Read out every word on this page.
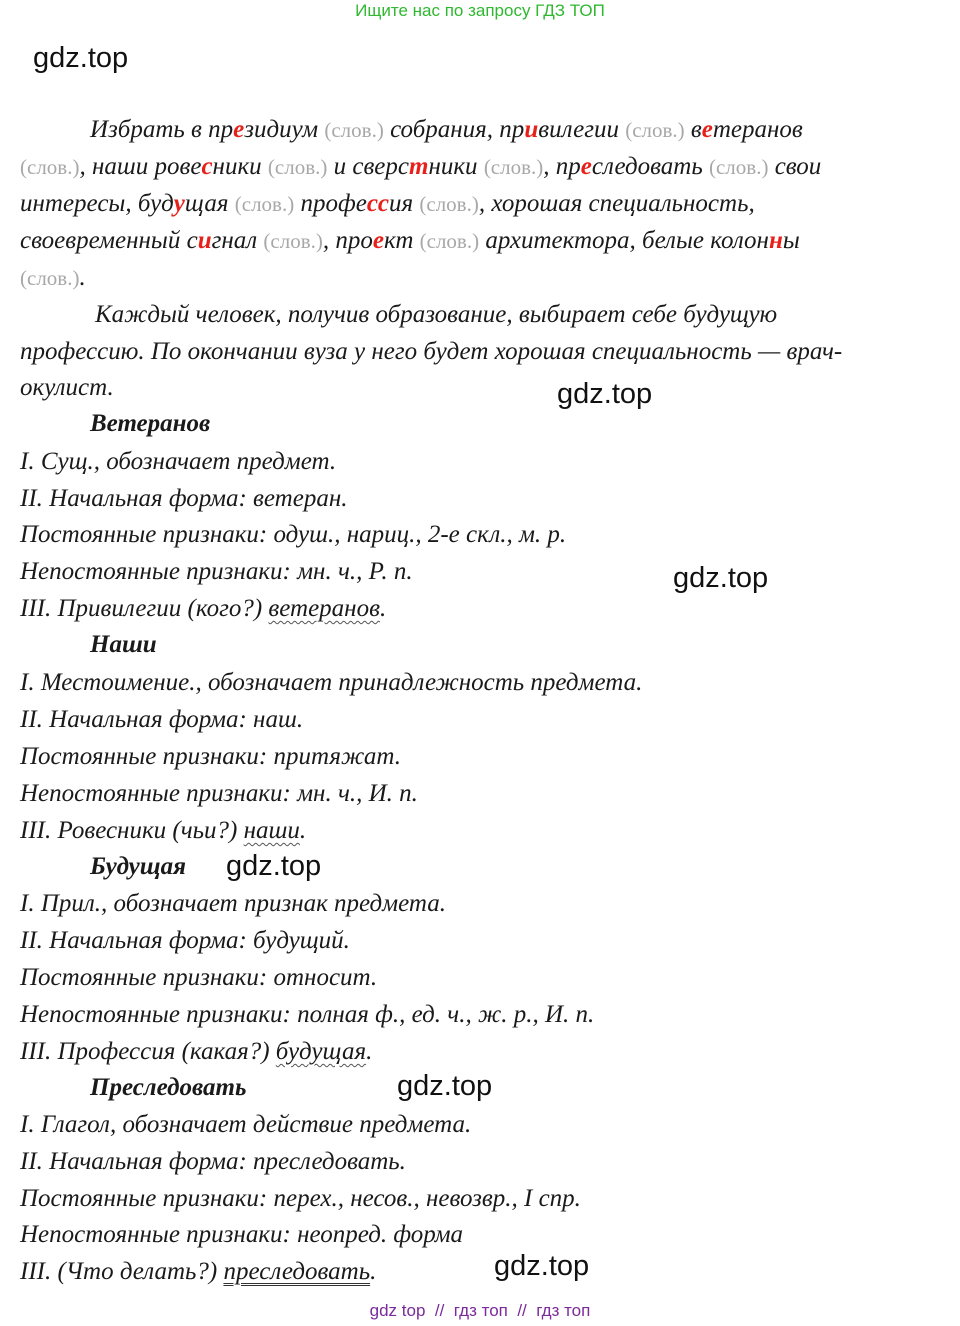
Ищите нас по запросу ГДЗ ТОП
gdz.top
gdz.top
gdz.top
gdz.top
gdz.top
gdz.top
Избрать в президиум (слов.) собрания, привилегии (слов.) ветеранов
(слов.), наши ровесники (слов.) и сверстники (слов.), преследовать (слов.) свои
интересы, будущая (слов.) профессия (слов.), хорошая специальность,
своевременный сигнал (слов.), проект (слов.) архитектора, белые колонны
(слов.).
Каждый человек, получив образование, выбирает себе будущую
профессию. По окончании вуза у него будет хорошая специальность — врач-
окулист.
Ветеранов
I. Сущ., обозначает предмет.
II. Начальная форма: ветеран.
Постоянные признаки: одуш., нариц., 2-е скл., м. р.
Непостоянные признаки: мн. ч., Р. п.
III. Привилегии (кого?) ветеранов.
Наши
I. Местоимение., обозначает принадлежность предмета.
II. Начальная форма: наш.
Постоянные признаки: притяжат.
Непостоянные признаки: мн. ч., И. п.
III. Ровесники (чьи?) наши.
Будущая
I. Прил., обозначает признак предмета.
II. Начальная форма: будущий.
Постоянные признаки: относит.
Непостоянные признаки: полная ф., ед. ч., ж. р., И. п.
III. Профессия (какая?) будущая.
Преследовать
I. Глагол, обозначает действие предмета.
II. Начальная форма: преследовать.
Постоянные признаки: перех., несов., невозвр., I спр.
Непостоянные признаки: неопред. форма
III. (Что делать?) преследовать.
gdz top  //  гдз топ  //  гдз топ
